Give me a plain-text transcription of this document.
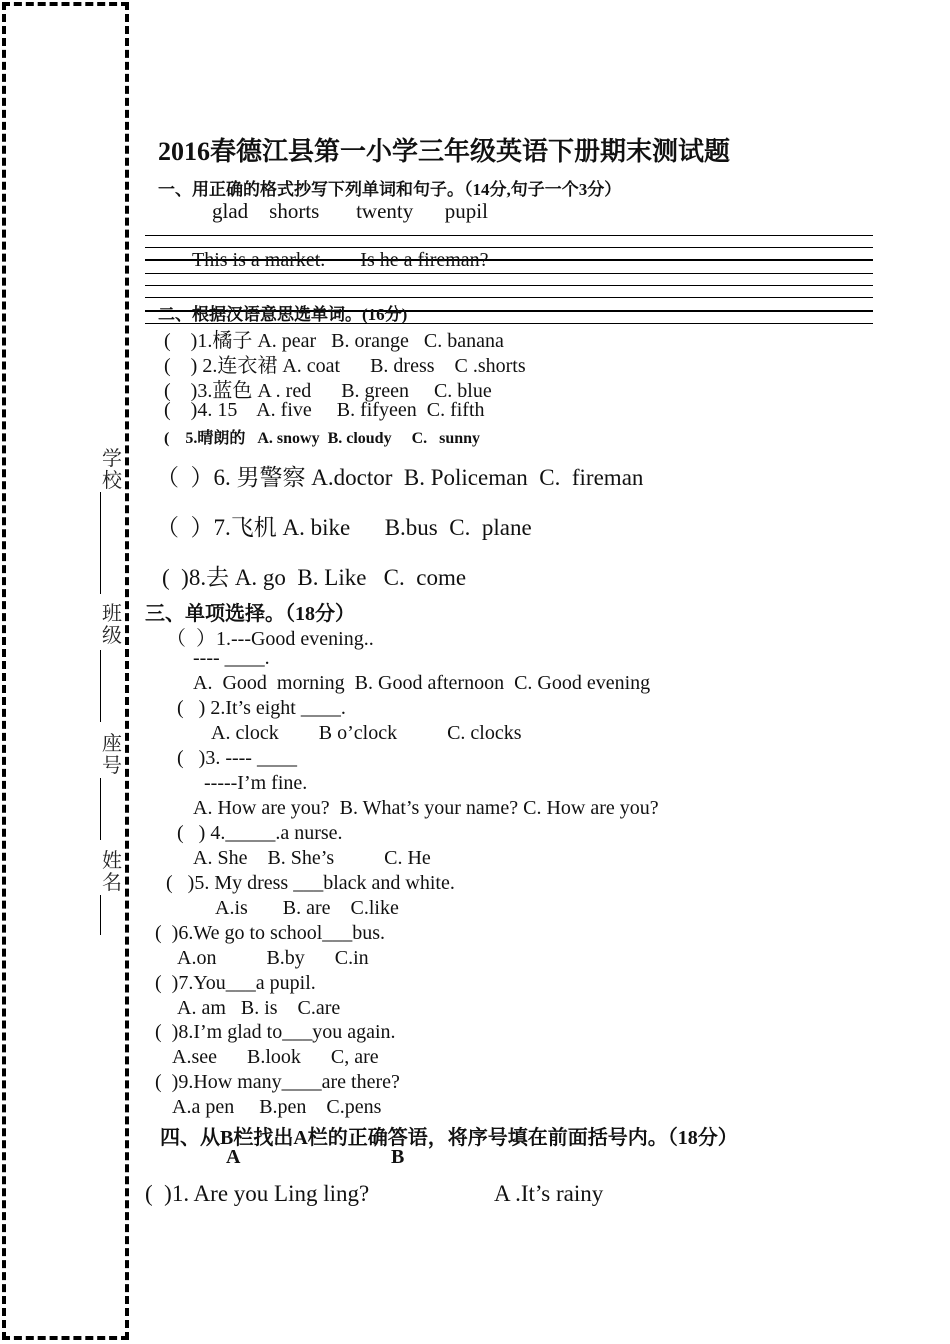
学校
班级
座号
姓名
2016春德江县第一小学三年级英语下册期末测试题
一、用正确的格式抄写下列单词和句子。（14分,句子一个3分）
glad    shorts       twenty      pupil
This is a market.       Is he a fireman?
二、根据汉语意思选单词。(16分)
(    )1.橘子 A. pear   B. orange   C. banana
(    ) 2.连衣裙 A. coat      B. dress    C .shorts
(    )3.蓝色 A . red      B. green     C. blue
(    )4. 15    A. five     B. fifyeen  C. fifth
(    5.晴朗的   A. snowy  B. cloudy     C.   sunny
（  ）6. 男警察 A.doctor  B. Policeman  C.  fireman
（  ）7.飞机 A. bike      B.bus  C.  plane
(  )8.去 A. go  B. Like   C.  come
三、单项选择。（18分）
（  ）1.---Good evening..
---- ____.
A.  Good  morning  B. Good afternoon  C. Good evening
(   ) 2.It’s eight ____.
A. clock        B o’clock          C. clocks
(   )3. ---- ____
-----I’m fine.
A. How are you?  B. What’s your name? C. How are you?
(   ) 4._____.a nurse.
A. She    B. She’s          C. He
(   )5. My dress ___black and white.
A.is       B. are    C.like
(  )6.We go to school___bus.
A.on          B.by      C.in
(  )7.You___a pupil.
A. am   B. is    C.are
(  )8.I’m glad to___you again.
A.see      B.look      C, are
(  )9.How many____are there?
A.a pen     B.pen    C.pens
四、从B栏找出A栏的正确答语，将序号填在前面括号内。（18分）
A	B
(  )1. Are you Ling ling?	A .It’s rainy
